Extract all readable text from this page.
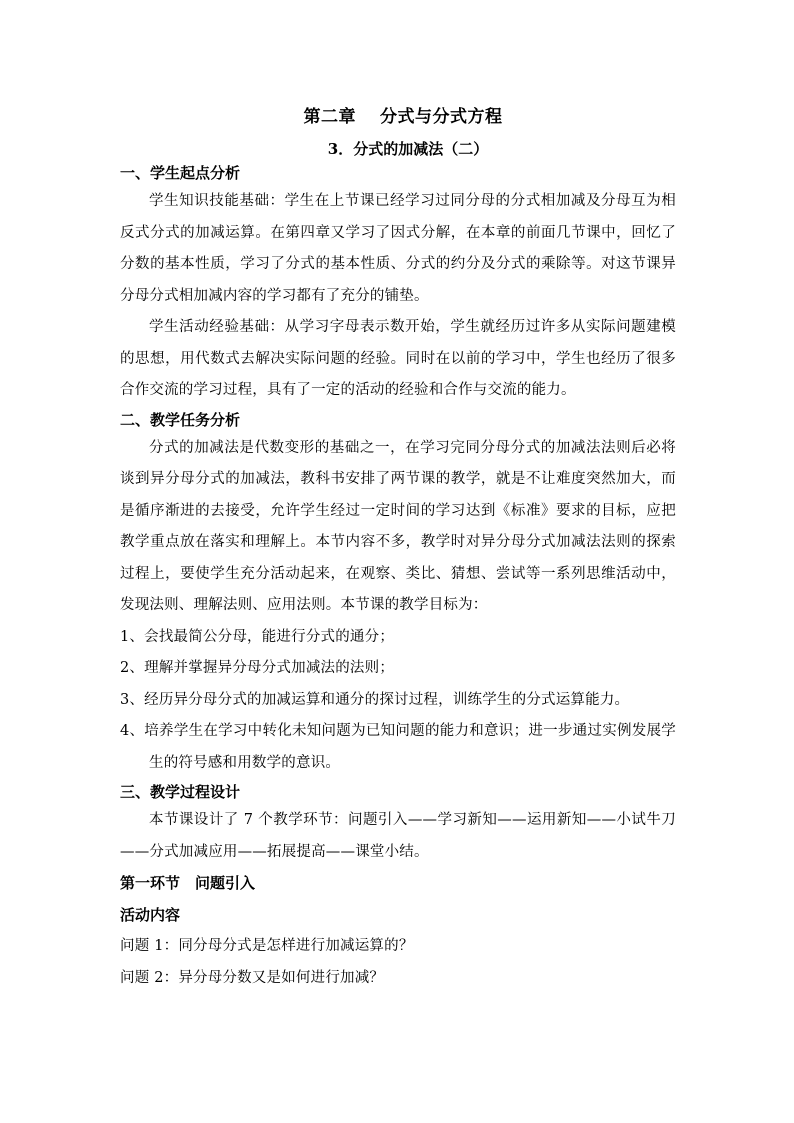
第二章　 分式与分式方程
3．分式的加减法（二）
一、学生起点分析

学生知识技能基础：学生在上节课已经学习过同分母的分式相加减及分母互为相反式分式的加减运算。在第四章又学习了因式分解，在本章的前面几节课中，回忆了分数的基本性质，学习了分式的基本性质、分式的约分及分式的乘除等。对这节课异分母分式相加减内容的学习都有了充分的铺垫。

学生活动经验基础：从学习字母表示数开始，学生就经历过许多从实际问题建模的思想，用代数式去解决实际问题的经验。同时在以前的学习中，学生也经历了很多合作交流的学习过程，具有了一定的活动的经验和合作与交流的能力。

二、教学任务分析

分式的加减法是代数变形的基础之一，在学习完同分母分式的加减法法则后必将谈到异分母分式的加减法，教科书安排了两节课的教学，就是不让难度突然加大，而是循序渐进的去接受，允许学生经过一定时间的学习达到《标准》要求的目标，应把教学重点放在落实和理解上。本节内容不多，教学时对异分母分式加减法法则的探索过程上，要使学生充分活动起来，在观察、类比、猜想、尝试等一系列思维活动中，发现法则、理解法则、应用法则。本节课的教学目标为：

1、会找最简公分母，能进行分式的通分；
2、理解并掌握异分母分式加减法的法则；
3、经历异分母分式的加减运算和通分的探讨过程，训练学生的分式运算能力。
4、培养学生在学习中转化未知问题为已知问题的能力和意识；进一步通过实例发展学生的符号感和用数学的意识。
三、教学过程设计

本节课设计了 7 个教学环节：问题引入——学习新知——运用新知——小试牛刀——分式加减应用——拓展提高——课堂小结。

第一环节　问题引入

活动内容

问题 1：同分母分式是怎样进行加减运算的？

问题 2：异分母分数又是如何进行加减？
